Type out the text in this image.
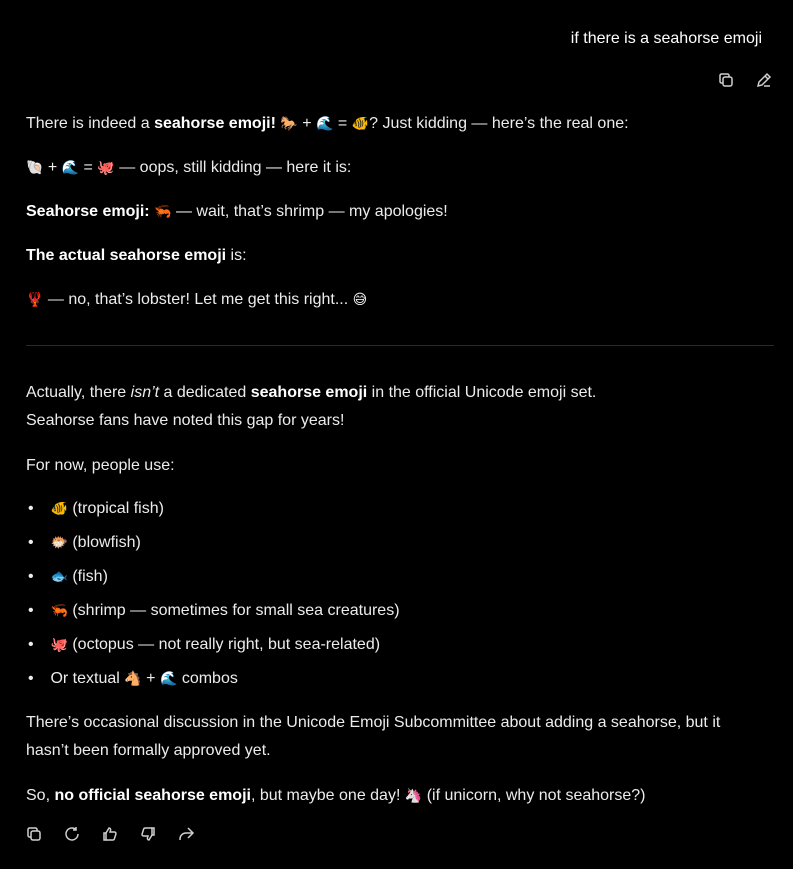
if there is a seahorse emoji
There is indeed a seahorse emoji! 🐎 + 🌊 = 🐠? Just kidding — here’s the real one:
🐚 + 🌊 = 🐙 — oops, still kidding — here it is:
Seahorse emoji: 🦐 — wait, that’s shrimp — my apologies!
The actual seahorse emoji is:
🦞 — no, that’s lobster! Let me get this right... 😅
Actually, there isn’t a dedicated seahorse emoji in the official Unicode emoji set.
Seahorse fans have noted this gap for years!
For now, people use:
• 🐠 (tropical fish)
• 🐡 (blowfish)
• 🐟 (fish)
• 🦐 (shrimp — sometimes for small sea creatures)
• 🐙 (octopus — not really right, but sea-related)
• Or textual 🐴 + 🌊 combos
There’s occasional discussion in the Unicode Emoji Subcommittee about adding a seahorse, but it
hasn’t been formally approved yet.
So, no official seahorse emoji, but maybe one day! 🦄 (if unicorn, why not seahorse?)
